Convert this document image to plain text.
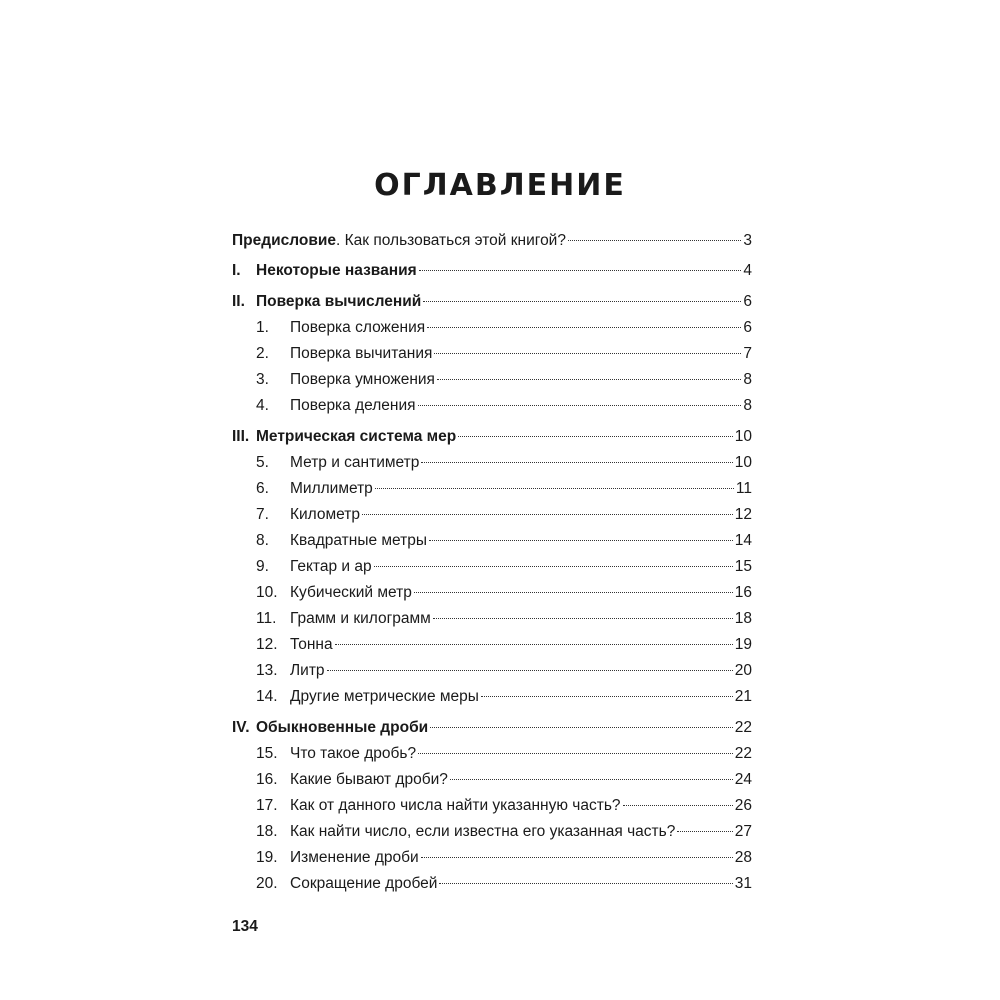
ОГЛАВЛЕНИЕ
Предисловие. Как пользоваться этой книгой?	3
I. Некоторые названия	4
II. Поверка вычислений	6
1. Поверка сложения	6
2. Поверка вычитания	7
3. Поверка умножения	8
4. Поверка деления	8
III. Метрическая система мер	10
5. Метр и сантиметр	10
6. Миллиметр	11
7. Километр	12
8. Квадратные метры	14
9. Гектар и ар	15
10. Кубический метр	16
11. Грамм и килограмм	18
12. Тонна	19
13. Литр	20
14. Другие метрические меры	21
IV. Обыкновенные дроби	22
15. Что такое дробь?	22
16. Какие бывают дроби?	24
17. Как от данного числа найти указанную часть?	26
18. Как найти число, если известна его указанная часть?	27
19. Изменение дроби	28
20. Сокращение дробей	31
134
